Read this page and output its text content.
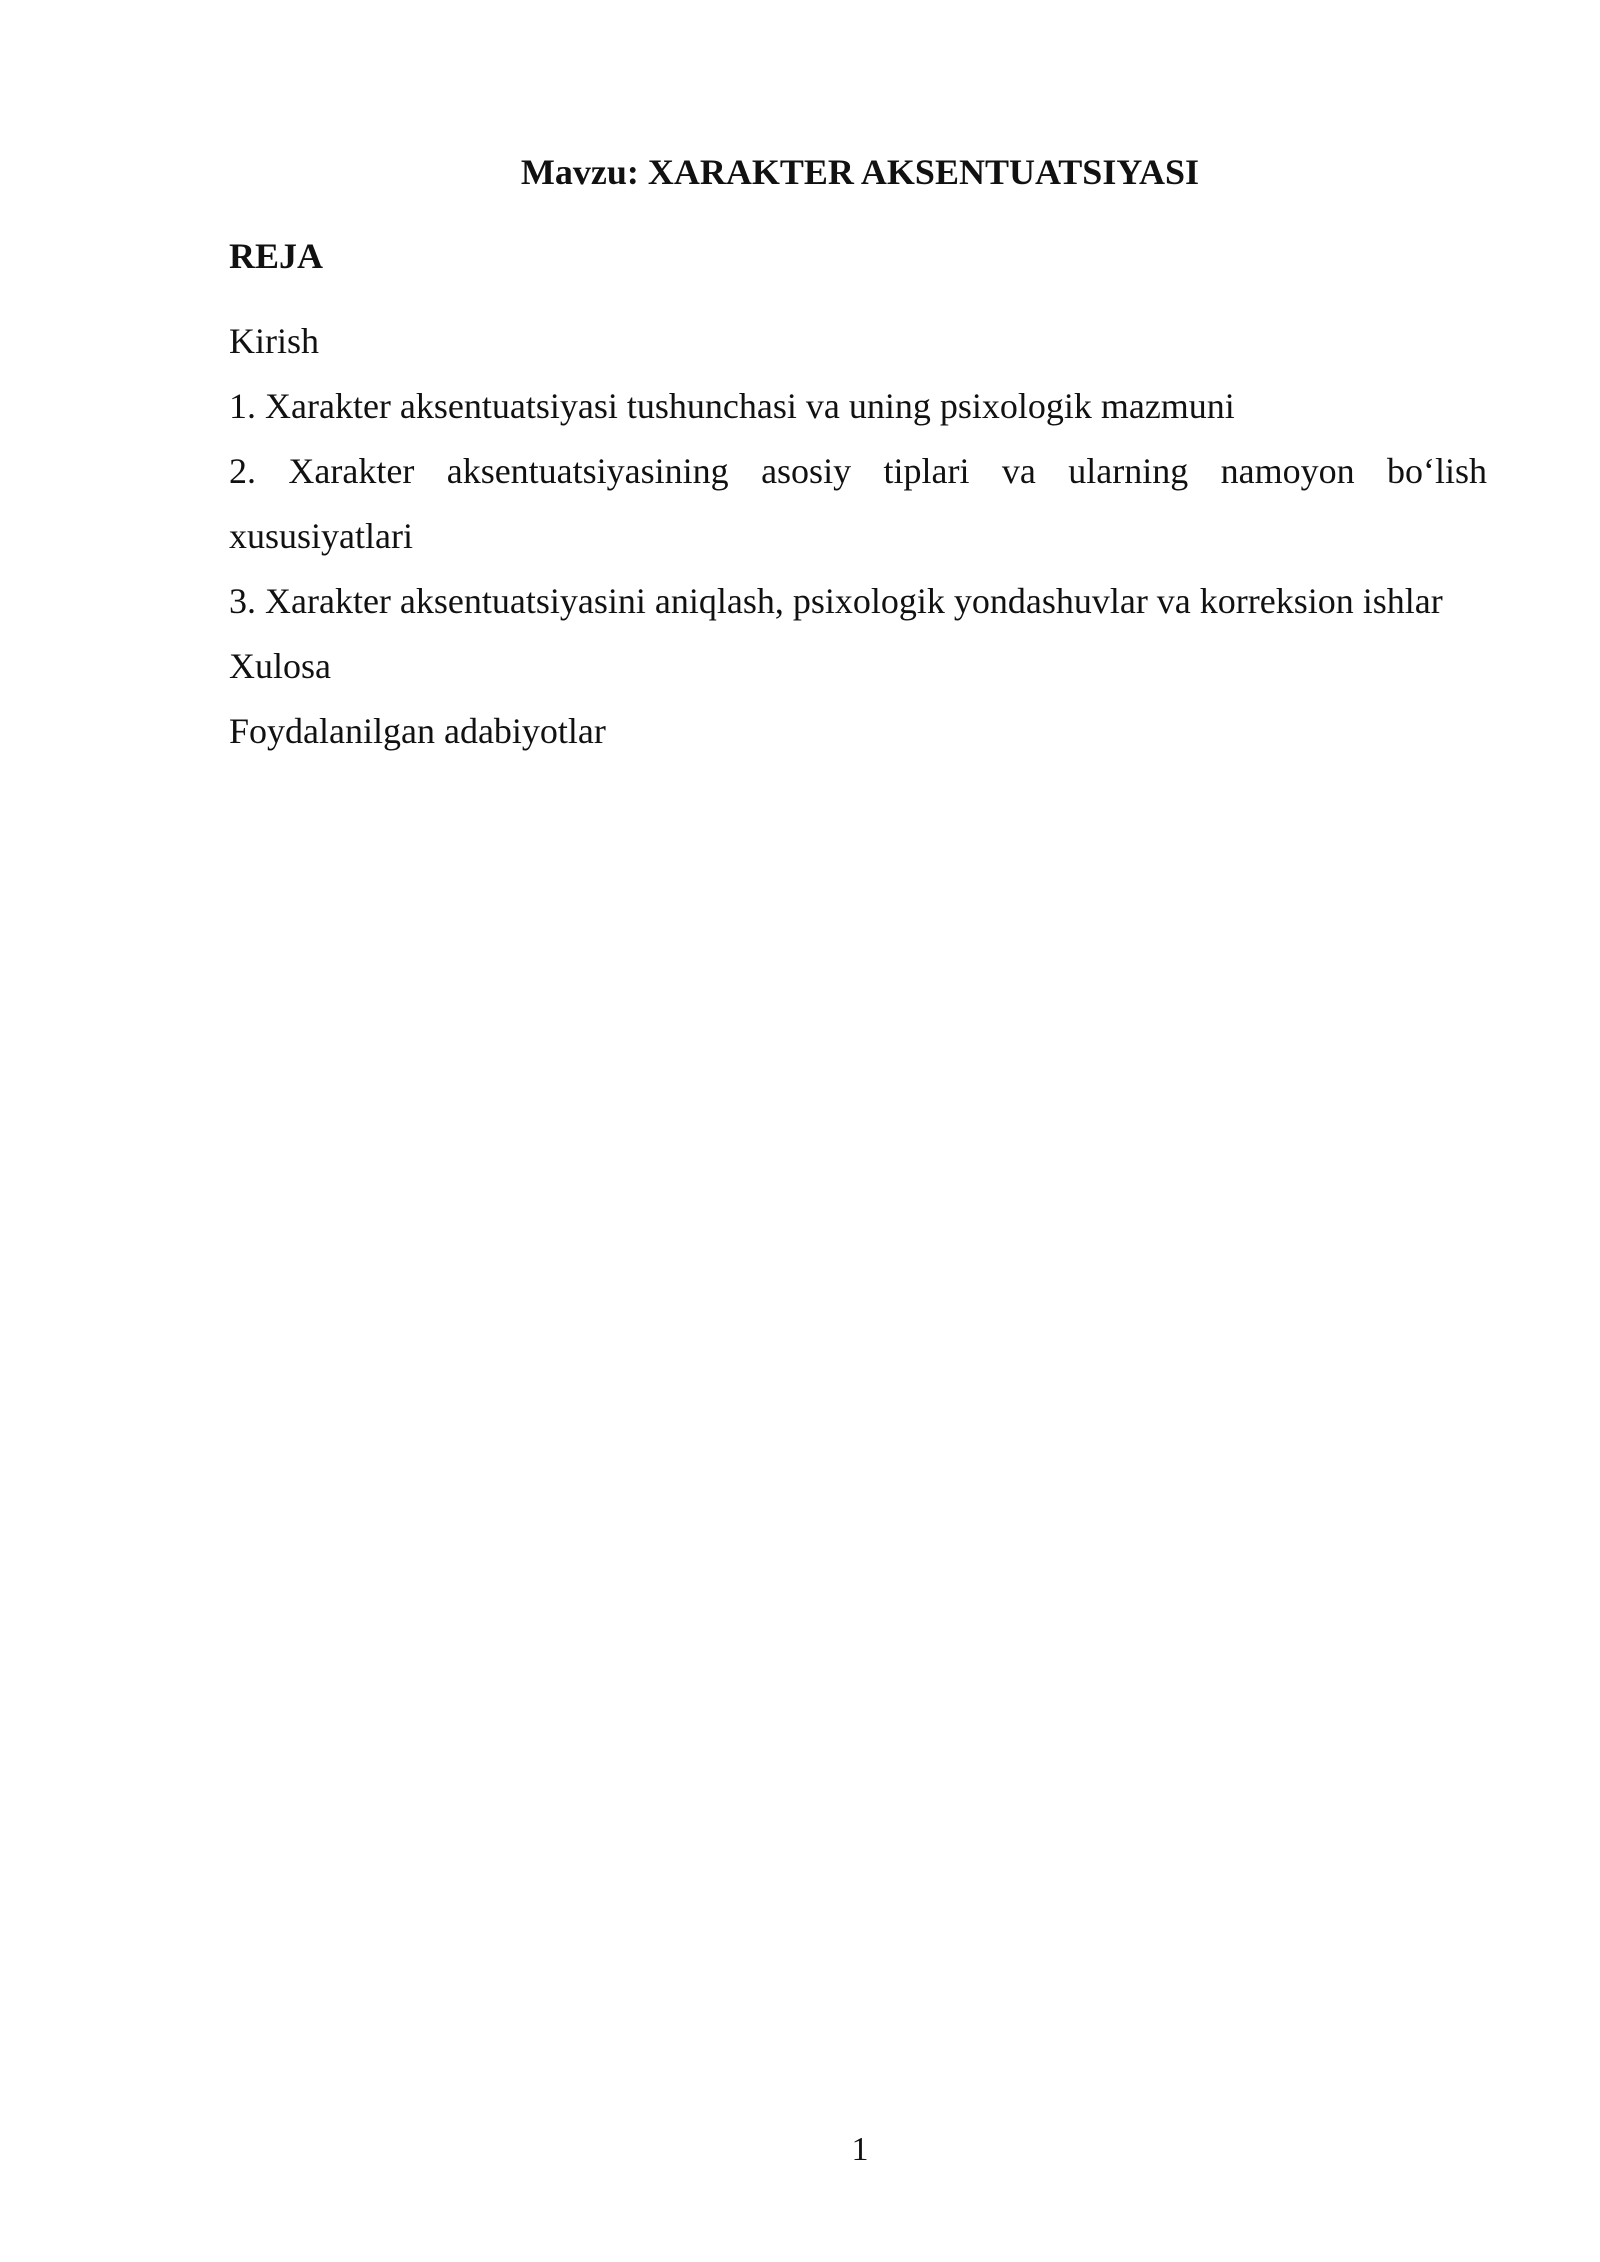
Mavzu: XARAKTER AKSENTUATSIYASI
REJA
Kirish
1. Xarakter aksentuatsiyasi tushunchasi va uning psixologik mazmuni
2. Xarakter aksentuatsiyasining asosiy tiplari va ularning namoyon bo‘lish xususiyatlari
3. Xarakter aksentuatsiyasini aniqlash, psixologik yondashuvlar va korreksion ishlar
Xulosa
Foydalanilgan adabiyotlar
1
